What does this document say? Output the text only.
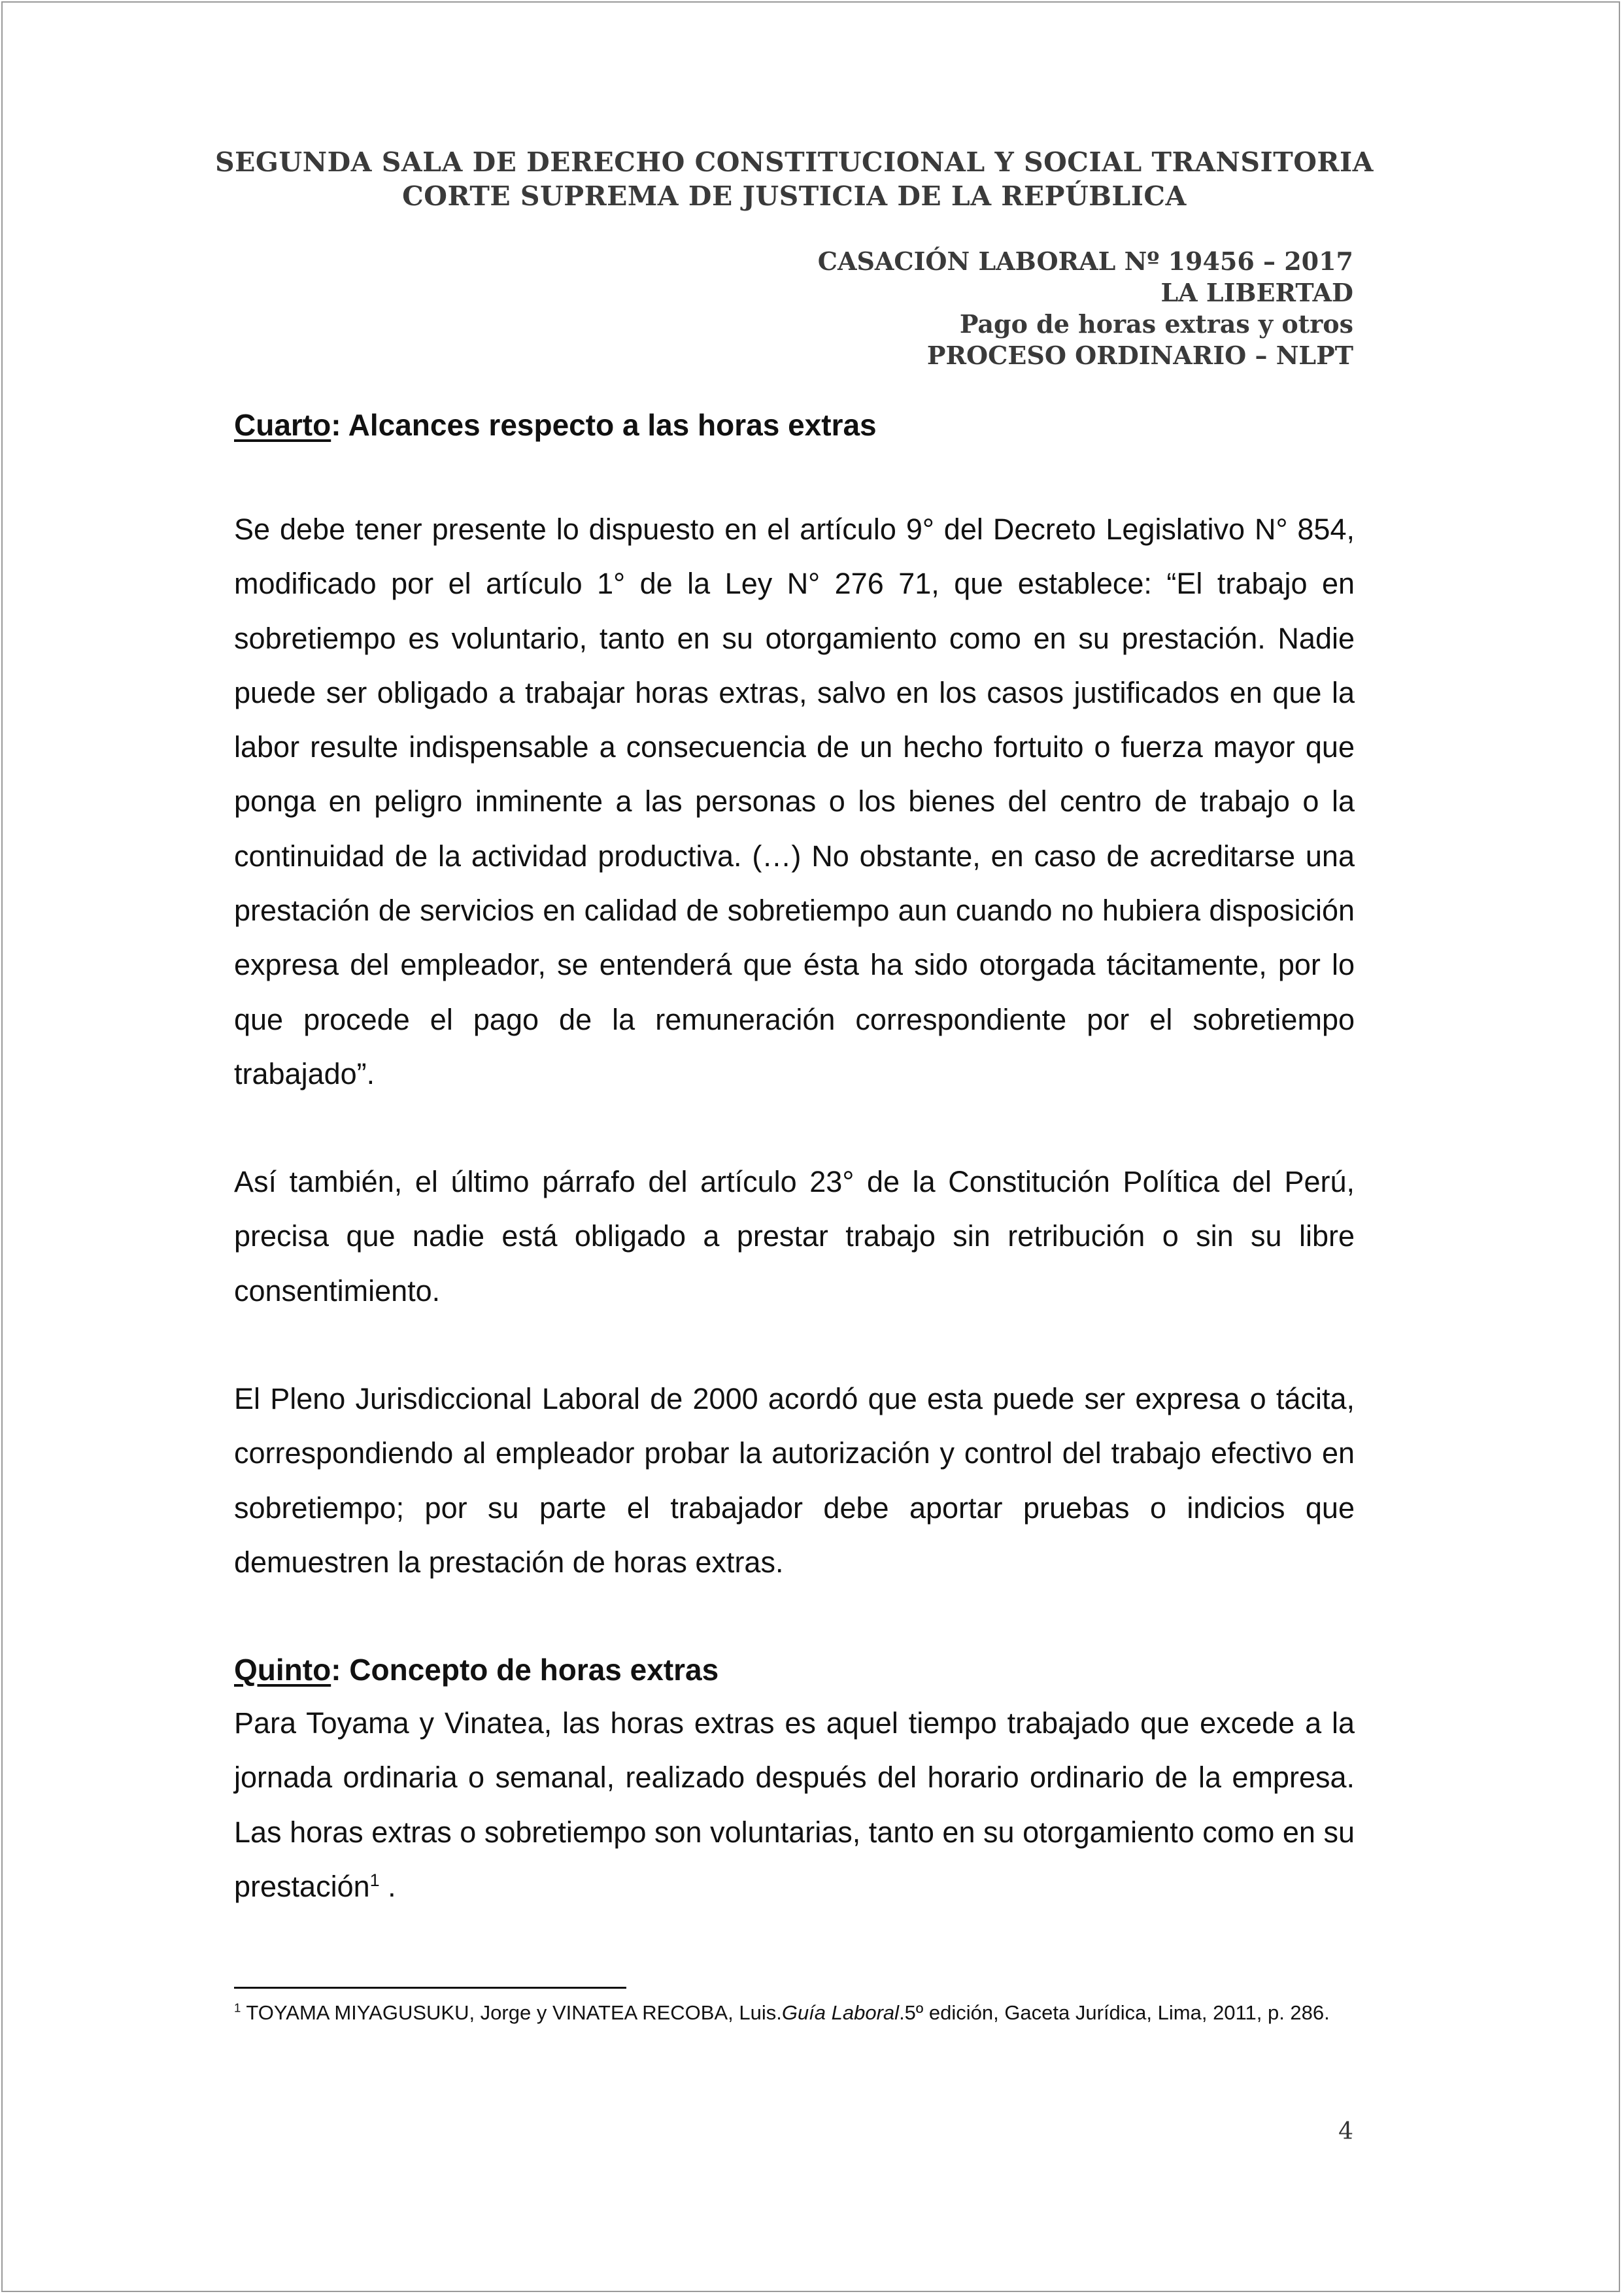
SEGUNDA SALA DE DERECHO CONSTITUCIONAL Y SOCIAL TRANSITORIA
CORTE SUPREMA DE JUSTICIA DE LA REPÚBLICA
CASACIÓN LABORAL Nº 19456 – 2017
LA LIBERTAD
Pago de horas extras y otros
PROCESO ORDINARIO – NLPT

Cuarto: Alcances respecto a las horas extras

Se debe tener presente lo dispuesto en el artículo 9° del Decreto Legislativo N° 854, modificado por el artículo 1° de la Ley N° 276 71, que establece: “El trabajo en sobretiempo es voluntario, tanto en su otorgamiento como en su prestación. Nadie puede ser obligado a trabajar horas extras, salvo en los casos justificados en que la labor resulte indispensable a consecuencia de un hecho fortuito o fuerza mayor que ponga en peligro inminente a las personas o los bienes del centro de trabajo o la continuidad de la actividad productiva. (…) No obstante, en caso de acreditarse una prestación de servicios en calidad de sobretiempo aun cuando no hubiera disposición expresa del empleador, se entenderá que ésta ha sido otorgada tácitamente, por lo que procede el pago de la remuneración correspondiente por el sobretiempo trabajado”.

Así también, el último párrafo del artículo 23° de la Constitución Política del Perú, precisa que nadie está obligado a prestar trabajo sin retribución o sin su libre consentimiento.

El Pleno Jurisdiccional Laboral de 2000 acordó que esta puede ser expresa o tácita, correspondiendo al empleador probar la autorización y control del trabajo efectivo en sobretiempo; por su parte el trabajador debe aportar pruebas o indicios que demuestren la prestación de horas extras.

Quinto: Concepto de horas extras

Para Toyama y Vinatea, las horas extras es aquel tiempo trabajado que excede a la jornada ordinaria o semanal, realizado después del horario ordinario de la empresa. Las horas extras o sobretiempo son voluntarias, tanto en su otorgamiento como en su prestación$^1$ .

$^1$ TOYAMA MIYAGUSUKU, Jorge y VINATEA RECOBA, Luis.Guía Laboral.5º edición, Gaceta Jurídica, Lima, 2011, p. 286.
4
